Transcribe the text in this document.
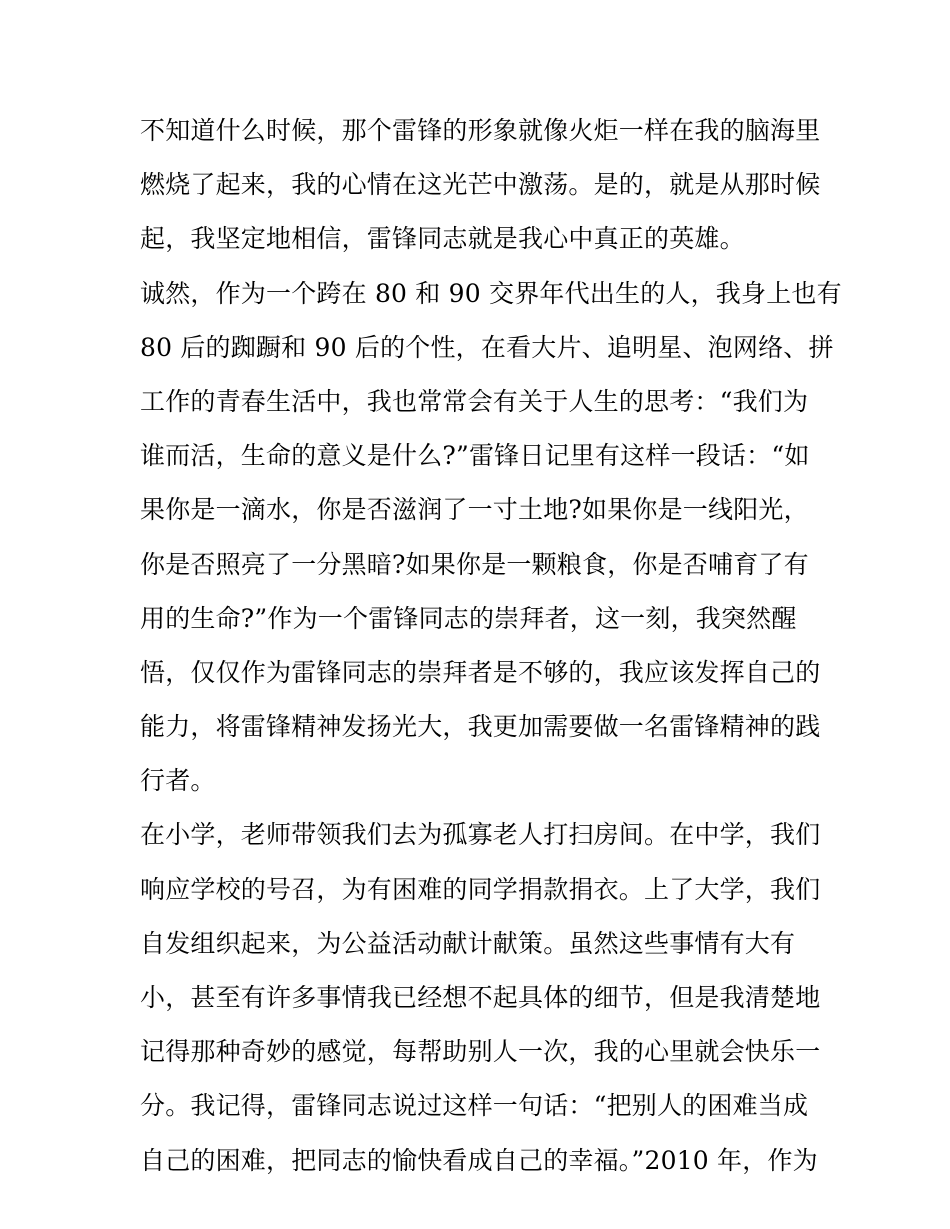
不知道什么时候，那个雷锋的形象就像火炬一样在我的脑海里
燃烧了起来，我的心情在这光芒中激荡。是的，就是从那时候
起，我坚定地相信，雷锋同志就是我心中真正的英雄。
诚然，作为一个跨在 80 和 90 交界年代出生的人，我身上也有
80 后的踟蹰和 90 后的个性，在看大片、追明星、泡网络、拼
工作的青春生活中，我也常常会有关于人生的思考：“我们为
谁而活，生命的意义是什么?”雷锋日记里有这样一段话：“如
果你是一滴水，你是否滋润了一寸土地?如果你是一线阳光，
你是否照亮了一分黑暗?如果你是一颗粮食，你是否哺育了有
用的生命?”作为一个雷锋同志的崇拜者，这一刻，我突然醒
悟，仅仅作为雷锋同志的崇拜者是不够的，我应该发挥自己的
能力，将雷锋精神发扬光大，我更加需要做一名雷锋精神的践
行者。
在小学，老师带领我们去为孤寡老人打扫房间。在中学，我们
响应学校的号召，为有困难的同学捐款捐衣。上了大学，我们
自发组织起来，为公益活动献计献策。虽然这些事情有大有
小，甚至有许多事情我已经想不起具体的细节，但是我清楚地
记得那种奇妙的感觉，每帮助别人一次，我的心里就会快乐一
分。我记得，雷锋同志说过这样一句话：“把别人的困难当成
自己的困难，把同志的愉快看成自己的幸福。”2010 年，作为
